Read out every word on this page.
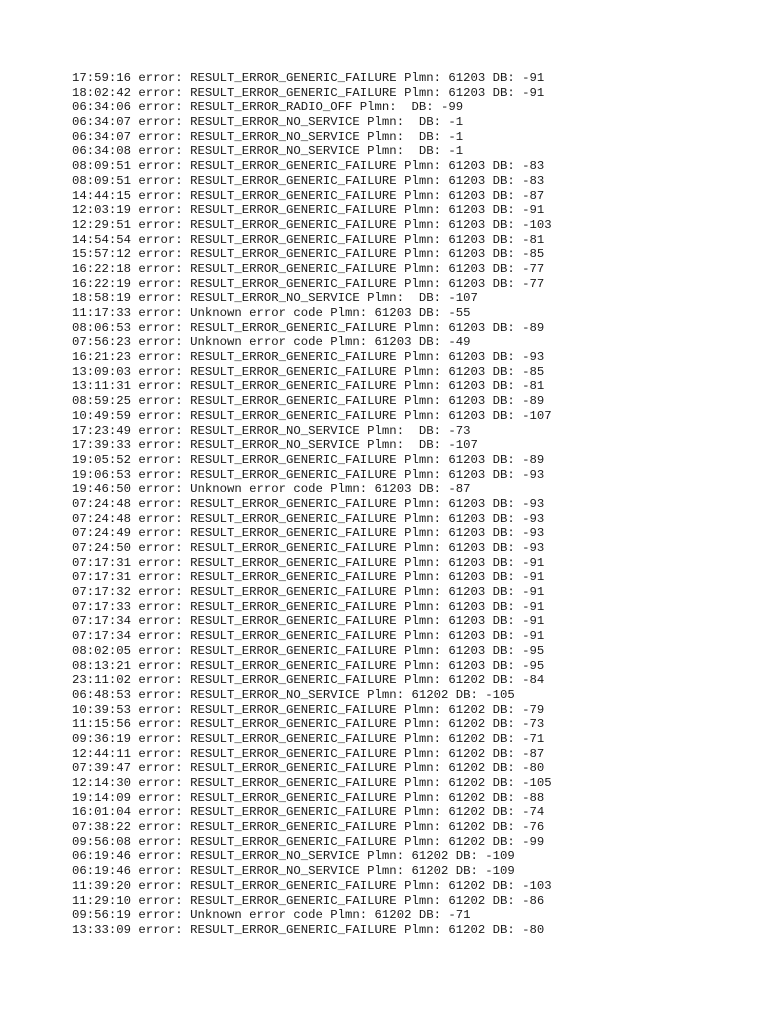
17:59:16 error: RESULT_ERROR_GENERIC_FAILURE Plmn: 61203 DB: -91
18:02:42 error: RESULT_ERROR_GENERIC_FAILURE Plmn: 61203 DB: -91
06:34:06 error: RESULT_ERROR_RADIO_OFF Plmn:  DB: -99
06:34:07 error: RESULT_ERROR_NO_SERVICE Plmn:  DB: -1
06:34:07 error: RESULT_ERROR_NO_SERVICE Plmn:  DB: -1
06:34:08 error: RESULT_ERROR_NO_SERVICE Plmn:  DB: -1
08:09:51 error: RESULT_ERROR_GENERIC_FAILURE Plmn: 61203 DB: -83
08:09:51 error: RESULT_ERROR_GENERIC_FAILURE Plmn: 61203 DB: -83
14:44:15 error: RESULT_ERROR_GENERIC_FAILURE Plmn: 61203 DB: -87
12:03:19 error: RESULT_ERROR_GENERIC_FAILURE Plmn: 61203 DB: -91
12:29:51 error: RESULT_ERROR_GENERIC_FAILURE Plmn: 61203 DB: -103
14:54:54 error: RESULT_ERROR_GENERIC_FAILURE Plmn: 61203 DB: -81
15:57:12 error: RESULT_ERROR_GENERIC_FAILURE Plmn: 61203 DB: -85
16:22:18 error: RESULT_ERROR_GENERIC_FAILURE Plmn: 61203 DB: -77
16:22:19 error: RESULT_ERROR_GENERIC_FAILURE Plmn: 61203 DB: -77
18:58:19 error: RESULT_ERROR_NO_SERVICE Plmn:  DB: -107
11:17:33 error: Unknown error code Plmn: 61203 DB: -55
08:06:53 error: RESULT_ERROR_GENERIC_FAILURE Plmn: 61203 DB: -89
07:56:23 error: Unknown error code Plmn: 61203 DB: -49
16:21:23 error: RESULT_ERROR_GENERIC_FAILURE Plmn: 61203 DB: -93
13:09:03 error: RESULT_ERROR_GENERIC_FAILURE Plmn: 61203 DB: -85
13:11:31 error: RESULT_ERROR_GENERIC_FAILURE Plmn: 61203 DB: -81
08:59:25 error: RESULT_ERROR_GENERIC_FAILURE Plmn: 61203 DB: -89
10:49:59 error: RESULT_ERROR_GENERIC_FAILURE Plmn: 61203 DB: -107
17:23:49 error: RESULT_ERROR_NO_SERVICE Plmn:  DB: -73
17:39:33 error: RESULT_ERROR_NO_SERVICE Plmn:  DB: -107
19:05:52 error: RESULT_ERROR_GENERIC_FAILURE Plmn: 61203 DB: -89
19:06:53 error: RESULT_ERROR_GENERIC_FAILURE Plmn: 61203 DB: -93
19:46:50 error: Unknown error code Plmn: 61203 DB: -87
07:24:48 error: RESULT_ERROR_GENERIC_FAILURE Plmn: 61203 DB: -93
07:24:48 error: RESULT_ERROR_GENERIC_FAILURE Plmn: 61203 DB: -93
07:24:49 error: RESULT_ERROR_GENERIC_FAILURE Plmn: 61203 DB: -93
07:24:50 error: RESULT_ERROR_GENERIC_FAILURE Plmn: 61203 DB: -93
07:17:31 error: RESULT_ERROR_GENERIC_FAILURE Plmn: 61203 DB: -91
07:17:31 error: RESULT_ERROR_GENERIC_FAILURE Plmn: 61203 DB: -91
07:17:32 error: RESULT_ERROR_GENERIC_FAILURE Plmn: 61203 DB: -91
07:17:33 error: RESULT_ERROR_GENERIC_FAILURE Plmn: 61203 DB: -91
07:17:34 error: RESULT_ERROR_GENERIC_FAILURE Plmn: 61203 DB: -91
07:17:34 error: RESULT_ERROR_GENERIC_FAILURE Plmn: 61203 DB: -91
08:02:05 error: RESULT_ERROR_GENERIC_FAILURE Plmn: 61203 DB: -95
08:13:21 error: RESULT_ERROR_GENERIC_FAILURE Plmn: 61203 DB: -95
23:11:02 error: RESULT_ERROR_GENERIC_FAILURE Plmn: 61202 DB: -84
06:48:53 error: RESULT_ERROR_NO_SERVICE Plmn: 61202 DB: -105
10:39:53 error: RESULT_ERROR_GENERIC_FAILURE Plmn: 61202 DB: -79
11:15:56 error: RESULT_ERROR_GENERIC_FAILURE Plmn: 61202 DB: -73
09:36:19 error: RESULT_ERROR_GENERIC_FAILURE Plmn: 61202 DB: -71
12:44:11 error: RESULT_ERROR_GENERIC_FAILURE Plmn: 61202 DB: -87
07:39:47 error: RESULT_ERROR_GENERIC_FAILURE Plmn: 61202 DB: -80
12:14:30 error: RESULT_ERROR_GENERIC_FAILURE Plmn: 61202 DB: -105
19:14:09 error: RESULT_ERROR_GENERIC_FAILURE Plmn: 61202 DB: -88
16:01:04 error: RESULT_ERROR_GENERIC_FAILURE Plmn: 61202 DB: -74
07:38:22 error: RESULT_ERROR_GENERIC_FAILURE Plmn: 61202 DB: -76
09:56:08 error: RESULT_ERROR_GENERIC_FAILURE Plmn: 61202 DB: -99
06:19:46 error: RESULT_ERROR_NO_SERVICE Plmn: 61202 DB: -109
06:19:46 error: RESULT_ERROR_NO_SERVICE Plmn: 61202 DB: -109
11:39:20 error: RESULT_ERROR_GENERIC_FAILURE Plmn: 61202 DB: -103
11:29:10 error: RESULT_ERROR_GENERIC_FAILURE Plmn: 61202 DB: -86
09:56:19 error: Unknown error code Plmn: 61202 DB: -71
13:33:09 error: RESULT_ERROR_GENERIC_FAILURE Plmn: 61202 DB: -80
